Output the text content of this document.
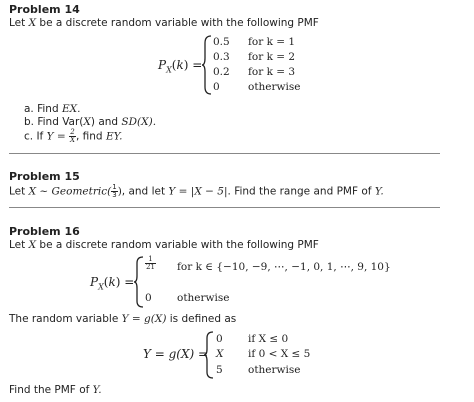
Problem 14
Let X be a discrete random variable with the following PMF
$P_X(k)$ =
0.5 for k = 1
0.3 for k = 2
0.2 for k = 3
0	otherwise
a. Find EX.
b. Find Var(X) and SD(X).
c. If $Y = \frac{2}{X}$ , find EY.
Problem 15
Let X ~ Geometric( $\frac{1}{3}$ ), and let Y = |X − 5|. Find the range and PMF of Y.
Problem 16
Let X be a discrete random variable with the following PMF
$P_X(k)$ =
$\frac{1}{21}$ for k ∈ {−10, −9, ⋯, −1, 0, 1, ⋯, 9, 10}
0 otherwise
The random variable Y = g(X) is defined as
Y = g(X) =
0 if X ≤ 0
X if 0 < X ≤ 5
5 otherwise
Find the PMF of Y.
